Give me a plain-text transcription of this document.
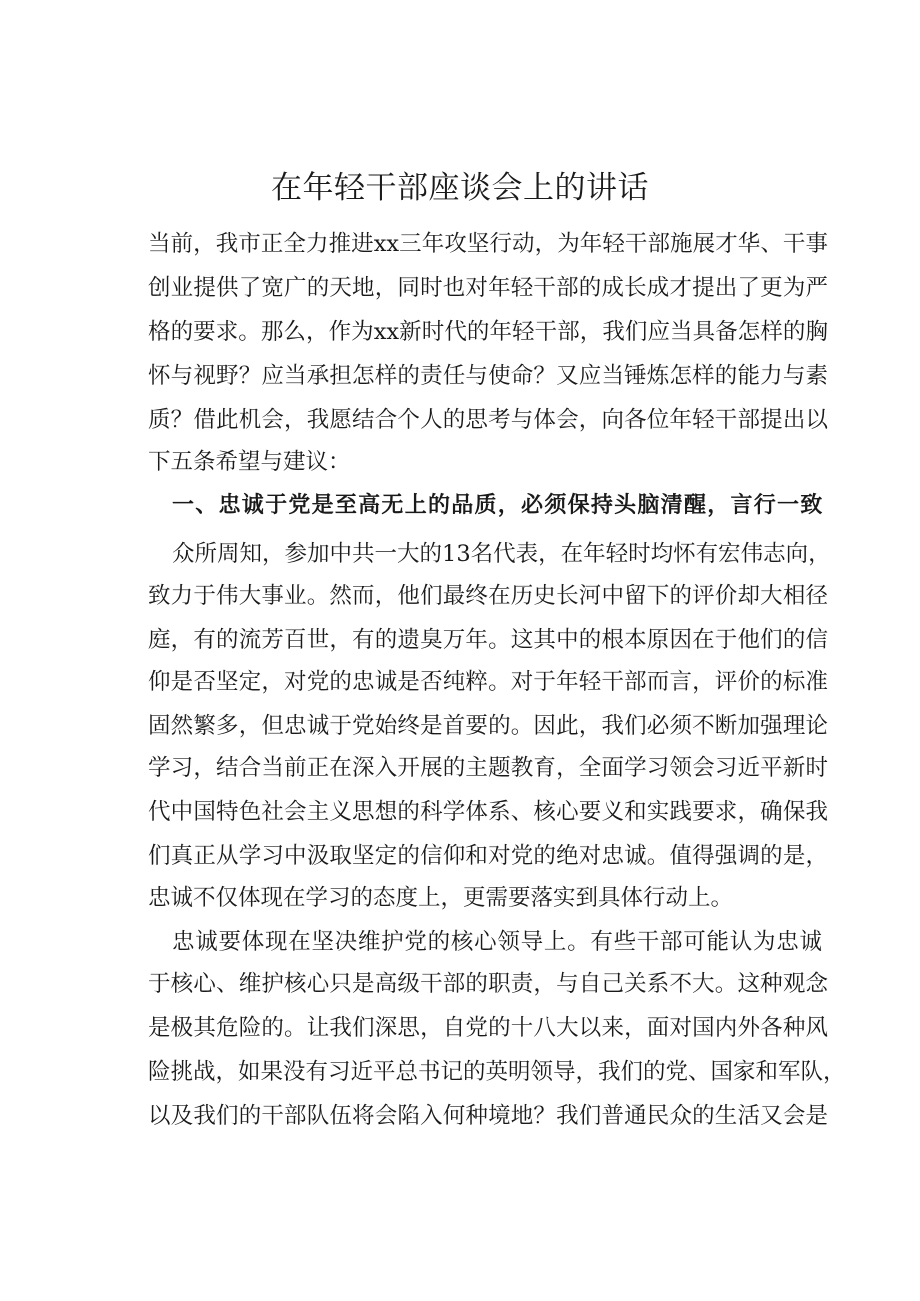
在年轻干部座谈会上的讲话

当前，我市正全力推进xx三年攻坚行动，为年轻干部施展才华、干事

创业提供了宽广的天地，同时也对年轻干部的成长成才提出了更为严

格的要求。那么，作为xx新时代的年轻干部，我们应当具备怎样的胸

怀与视野？应当承担怎样的责任与使命？又应当锤炼怎样的能力与素

质？借此机会，我愿结合个人的思考与体会，向各位年轻干部提出以

下五条希望与建议：

一、忠诚于党是至高无上的品质，必须保持头脑清醒，言行一致

众所周知，参加中共一大的13名代表，在年轻时均怀有宏伟志向，

致力于伟大事业。然而，他们最终在历史长河中留下的评价却大相径

庭，有的流芳百世，有的遗臭万年。这其中的根本原因在于他们的信

仰是否坚定，对党的忠诚是否纯粹。对于年轻干部而言，评价的标准

固然繁多，但忠诚于党始终是首要的。因此，我们必须不断加强理论

学习，结合当前正在深入开展的主题教育，全面学习领会习近平新时

代中国特色社会主义思想的科学体系、核心要义和实践要求，确保我

们真正从学习中汲取坚定的信仰和对党的绝对忠诚。值得强调的是，

忠诚不仅体现在学习的态度上，更需要落实到具体行动上。

忠诚要体现在坚决维护党的核心领导上。有些干部可能认为忠诚

于核心、维护核心只是高级干部的职责，与自己关系不大。这种观念

是极其危险的。让我们深思，自党的十八大以来，面对国内外各种风

险挑战，如果没有习近平总书记的英明领导，我们的党、国家和军队，

以及我们的干部队伍将会陷入何种境地？我们普通民众的生活又会是
